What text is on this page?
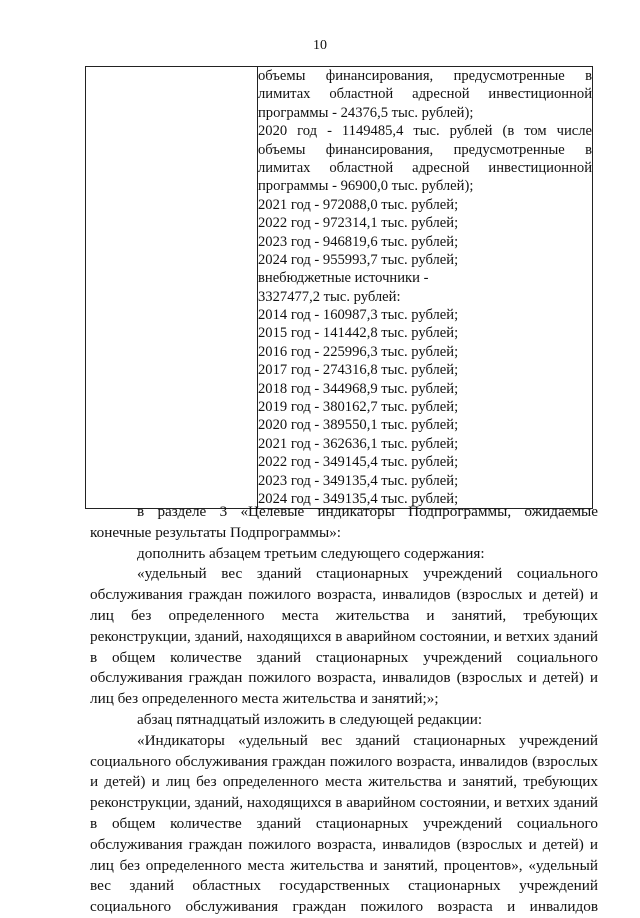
10

объемы финансирования, предусмотренные в
лимитах областной адресной инвестиционной
программы - 24376,5 тыс. рублей);
2020 год - 1149485,4 тыс. рублей (в том числе
объемы финансирования, предусмотренные в
лимитах областной адресной инвестиционной
программы - 96900,0 тыс. рублей);
2021 год - 972088,0 тыс. рублей;
2022 год - 972314,1 тыс. рублей;
2023 год - 946819,6 тыс. рублей;
2024 год - 955993,7 тыс. рублей;
внебюджетные источники -
3327477,2 тыс. рублей:
2014 год - 160987,3 тыс. рублей;
2015 год - 141442,8 тыс. рублей;
2016 год - 225996,3 тыс. рублей;
2017 год - 274316,8 тыс. рублей;
2018 год - 344968,9 тыс. рублей;
2019 год - 380162,7 тыс. рублей;
2020 год - 389550,1 тыс. рублей;
2021 год - 362636,1 тыс. рублей;
2022 год - 349145,4 тыс. рублей;
2023 год - 349135,4 тыс. рублей;
2024 год - 349135,4 тыс. рублей;
в разделе 3 «Целевые индикаторы Подпрограммы, ожидаемые
конечные результаты Подпрограммы»:
дополнить абзацем третьим следующего содержания:
«удельный вес зданий стационарных учреждений социального
обслуживания граждан пожилого возраста, инвалидов (взрослых и детей) и
лиц без определенного места жительства и занятий, требующих
реконструкции, зданий, находящихся в аварийном состоянии, и ветхих зданий
в общем количестве зданий стационарных учреждений социального
обслуживания граждан пожилого возраста, инвалидов (взрослых и детей) и
лиц без определенного места жительства и занятий;»;
абзац пятнадцатый изложить в следующей редакции:
«Индикаторы «удельный вес зданий стационарных учреждений
социального обслуживания граждан пожилого возраста, инвалидов (взрослых
и детей) и лиц без определенного места жительства и занятий, требующих
реконструкции, зданий, находящихся в аварийном состоянии, и ветхих зданий
в общем количестве зданий стационарных учреждений социального
обслуживания граждан пожилого возраста, инвалидов (взрослых и детей) и
лиц без определенного места жительства и занятий, процентов», «удельный
вес зданий областных государственных стационарных учреждений
социального обслуживания граждан пожилого возраста и инвалидов
